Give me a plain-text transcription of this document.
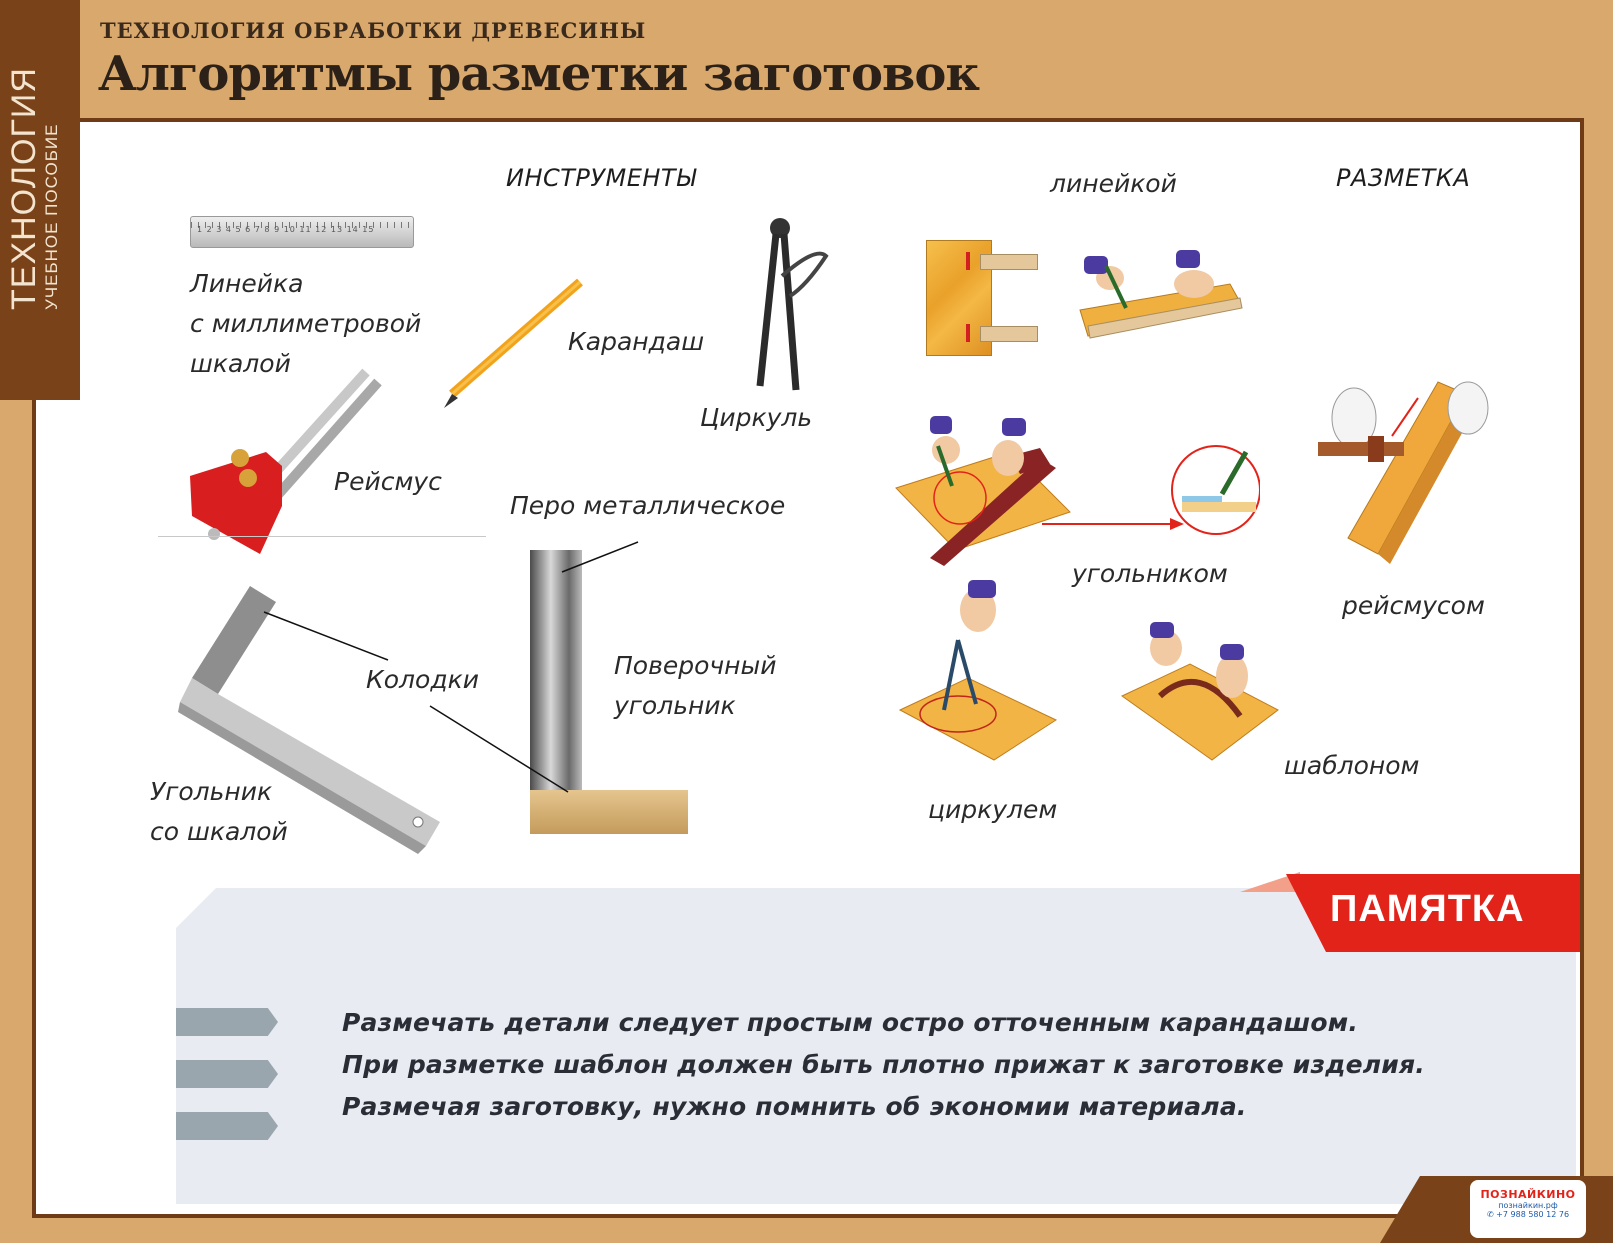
ТЕХНОЛОГИЯ ОБРАБОТКИ ДРЕВЕСИНЫ
Алгоритмы разметки заготовок
ТЕХНОЛОГИЯ УЧЕБНОЕ ПОСОБИЕ	ИНСТРУМЕНТЫ	РАЗМЕТКА
1 2 3 4 5 6 7 8 9 10 11 12 13 14 15
Линейка
с миллиметровой
шкалой
Карандаш
Циркуль
Рейсмус
Перо металлическое
Поверочный
угольник
Угольник
со шкалой
Колодки
линейкой
угольником
рейсмусом
циркулем
шаблоном
ПАМЯТКА
Размечать детали следует простым остро отточенным карандашом.
При разметке шаблон должен быть плотно прижат к заготовке изделия.
Размечая заготовку, нужно помнить об экономии материала.
ПОЗНАЙКИНО
познайкин.рф
✆ +7 988 580 12 76
